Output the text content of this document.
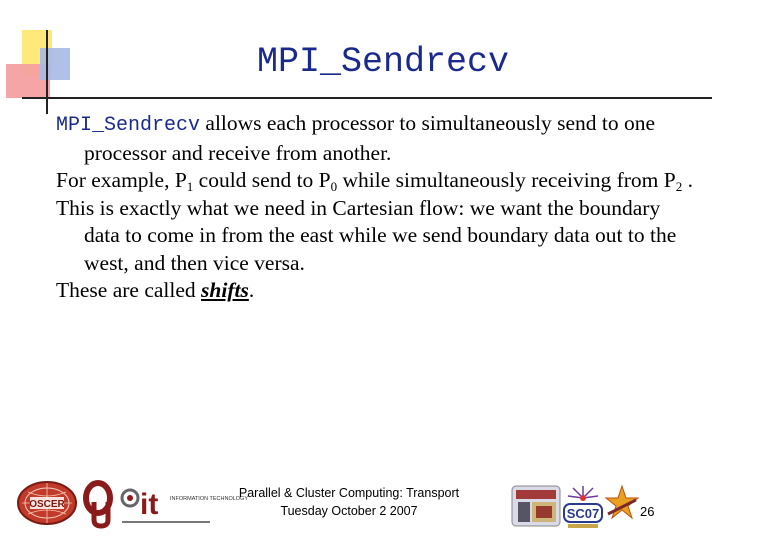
MPI_Sendrecv

MPI_Sendrecv allows each processor to simultaneously send to one processor and receive from another.

For example, $P_1$ could send to $P_0$ while simultaneously receiving from $P_2$ .

This is exactly what we need in Cartesian flow: we want the boundary data to come in from the east while we send boundary data out to the west, and then vice versa.

These are called shifts.

OSCER	it INFORMATION TECHNOLOGY
Parallel & Cluster Computing: Transport
Tuesday October 2 2007	SC07	26
